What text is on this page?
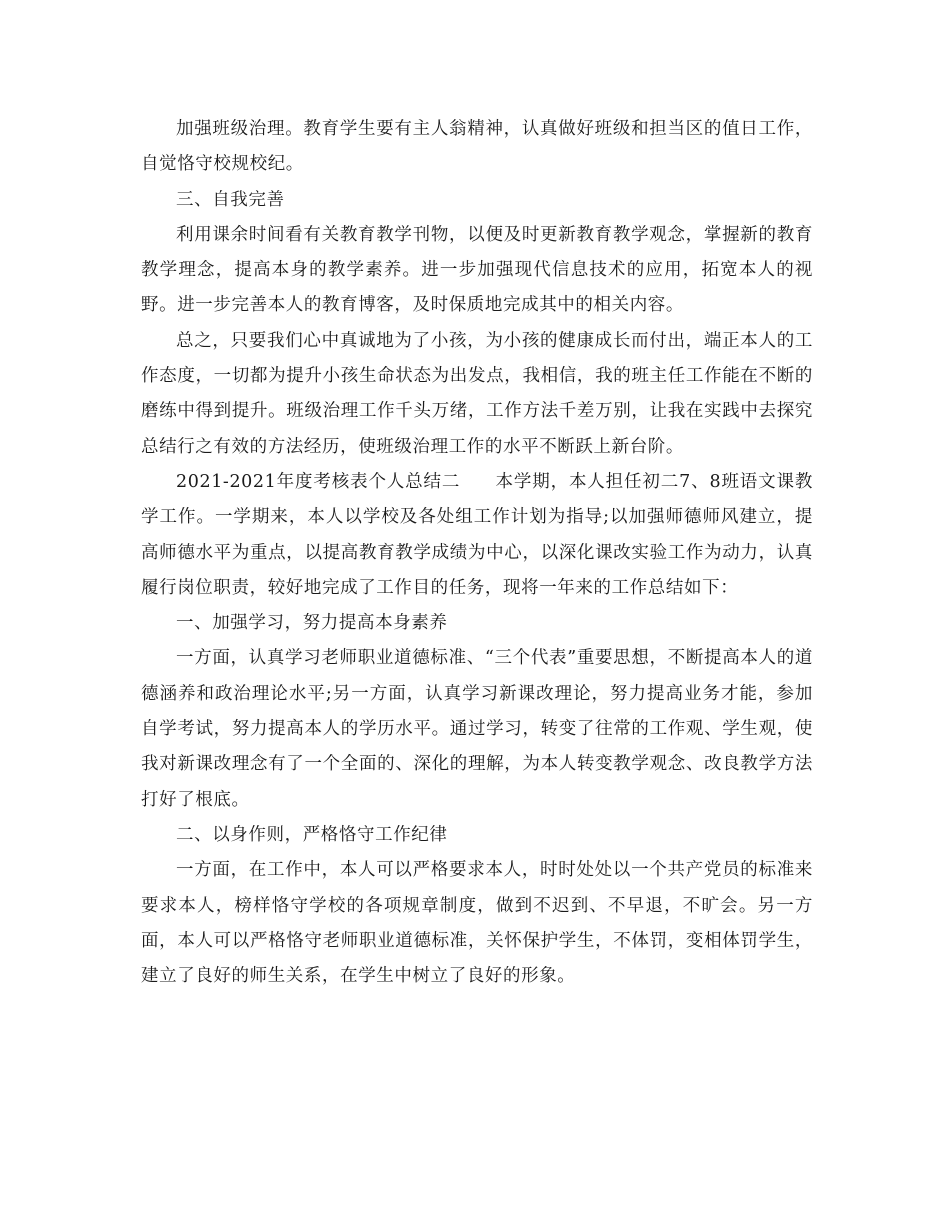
加强班级治理。教育学生要有主人翁精神，认真做好班级和担当区的值日工作，自觉恪守校规校纪。

三、自我完善

利用课余时间看有关教育教学刊物，以便及时更新教育教学观念，掌握新的教育教学理念，提高本身的教学素养。进一步加强现代信息技术的应用，拓宽本人的视野。进一步完善本人的教育博客，及时保质地完成其中的相关内容。

总之，只要我们心中真诚地为了小孩，为小孩的健康成长而付出，端正本人的工作态度，一切都为提升小孩生命状态为出发点，我相信，我的班主任工作能在不断的磨练中得到提升。班级治理工作千头万绪，工作方法千差万别，让我在实践中去探究总结行之有效的方法经历，使班级治理工作的水平不断跃上新台阶。

2021-2021年度考核表个人总结二 本学期，本人担任初二7、8班语文课教学工作。一学期来，本人以学校及各处组工作计划为指导;以加强师德师风建立，提高师德水平为重点，以提高教育教学成绩为中心，以深化课改实验工作为动力，认真履行岗位职责，较好地完成了工作目的任务，现将一年来的工作总结如下：

一、加强学习，努力提高本身素养

一方面，认真学习老师职业道德标准、“三个代表”重要思想，不断提高本人的道德涵养和政治理论水平;另一方面，认真学习新课改理论，努力提高业务才能，参加自学考试，努力提高本人的学历水平。通过学习，转变了往常的工作观、学生观，使我对新课改理念有了一个全面的、深化的理解，为本人转变教学观念、改良教学方法打好了根底。

二、以身作则，严格恪守工作纪律

一方面，在工作中，本人可以严格要求本人，时时处处以一个共产党员的标准来要求本人，榜样恪守学校的各项规章制度，做到不迟到、不早退，不旷会。另一方面，本人可以严格恪守老师职业道德标准，关怀保护学生，不体罚，变相体罚学生，建立了良好的师生关系，在学生中树立了良好的形象。
